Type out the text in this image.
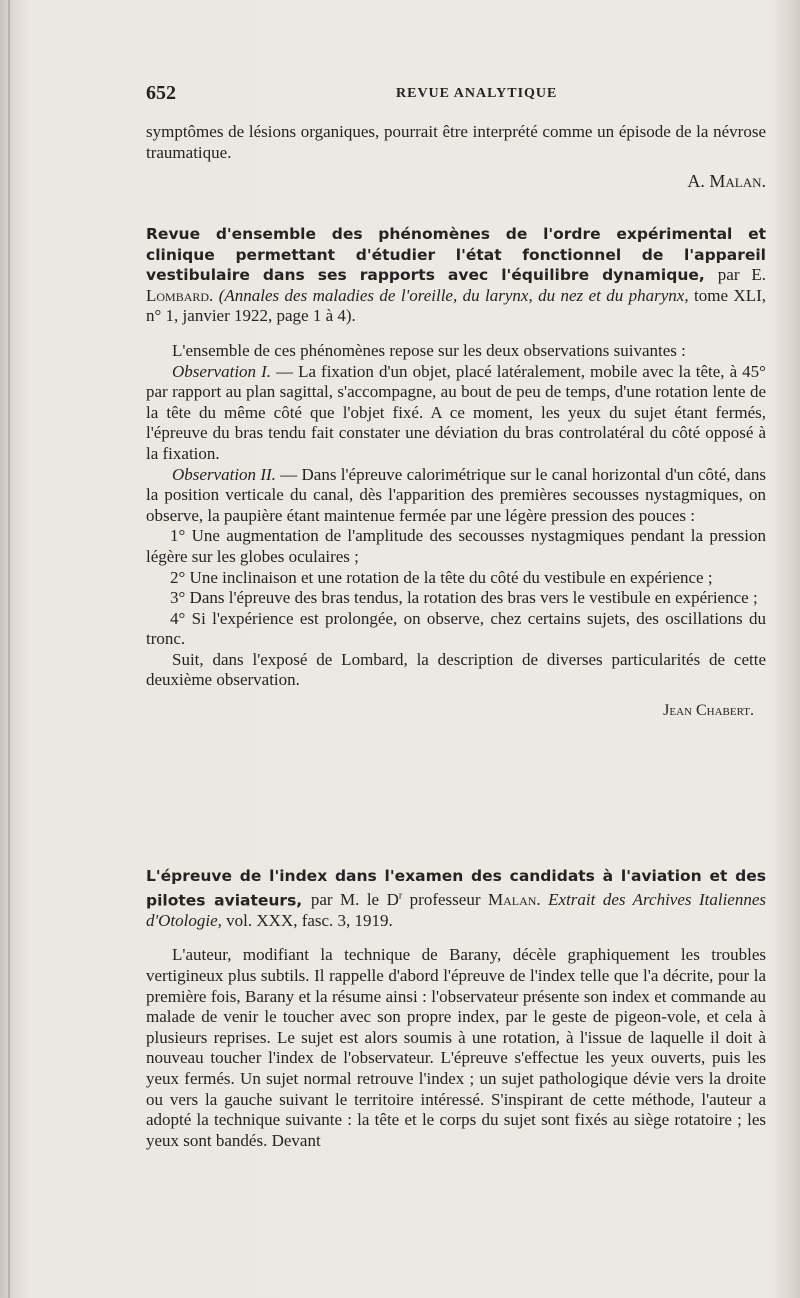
652	REVUE ANALYTIQUE

symptômes de lésions organiques, pourrait être interprété comme un épisode de la névrose traumatique.

A. Malan.

Revue d'ensemble des phénomènes de l'ordre expérimental et clinique permettant d'étudier l'état fonctionnel de l'appareil vestibulaire dans ses rapports avec l'équilibre dynamique, par E. Lombard. (Annales des maladies de l'oreille, du larynx, du nez et du pharynx, tome XLI, n° 1, janvier 1922, page 1 à 4).

L'ensemble de ces phénomènes repose sur les deux observations suivantes :

Observation I. — La fixation d'un objet, placé latéralement, mobile avec la tête, à 45° par rapport au plan sagittal, s'accompagne, au bout de peu de temps, d'une rotation lente de la tête du même côté que l'objet fixé. A ce moment, les yeux du sujet étant fermés, l'épreuve du bras tendu fait constater une déviation du bras controlatéral du côté opposé à la fixation.

Observation II. — Dans l'épreuve calorimétrique sur le canal horizontal d'un côté, dans la position verticale du canal, dès l'apparition des premières secousses nystagmiques, on observe, la paupière étant maintenue fermée par une légère pression des pouces :

1° Une augmentation de l'amplitude des secousses nystagmiques pendant la pression légère sur les globes oculaires ;

2° Une inclinaison et une rotation de la tête du côté du vestibule en expérience ;

3° Dans l'épreuve des bras tendus, la rotation des bras vers le vestibule en expérience ;

4° Si l'expérience est prolongée, on observe, chez certains sujets, des oscillations du tronc.

Suit, dans l'exposé de Lombard, la description de diverses particularités de cette deuxième observation.

Jean Chabert.

L'épreuve de l'index dans l'examen des candidats à l'aviation et des pilotes aviateurs, par M. le $D^r$ professeur Malan. Extrait des Archives Italiennes d'Otologie, vol. XXX, fasc. 3, 1919.

L'auteur, modifiant la technique de Barany, décèle graphiquement les troubles vertigineux plus subtils. Il rappelle d'abord l'épreuve de l'index telle que l'a décrite, pour la première fois, Barany et la résume ainsi : l'observateur présente son index et commande au malade de venir le toucher avec son propre index, par le geste de pigeon-vole, et cela à plusieurs reprises. Le sujet est alors soumis à une rotation, à l'issue de laquelle il doit à nouveau toucher l'index de l'observateur. L'épreuve s'effectue les yeux ouverts, puis les yeux fermés. Un sujet normal retrouve l'index ; un sujet pathologique dévie vers la droite ou vers la gauche suivant le territoire intéressé. S'inspirant de cette méthode, l'auteur a adopté la technique suivante : la tête et le corps du sujet sont fixés au siège rotatoire ; les yeux sont bandés. Devant
